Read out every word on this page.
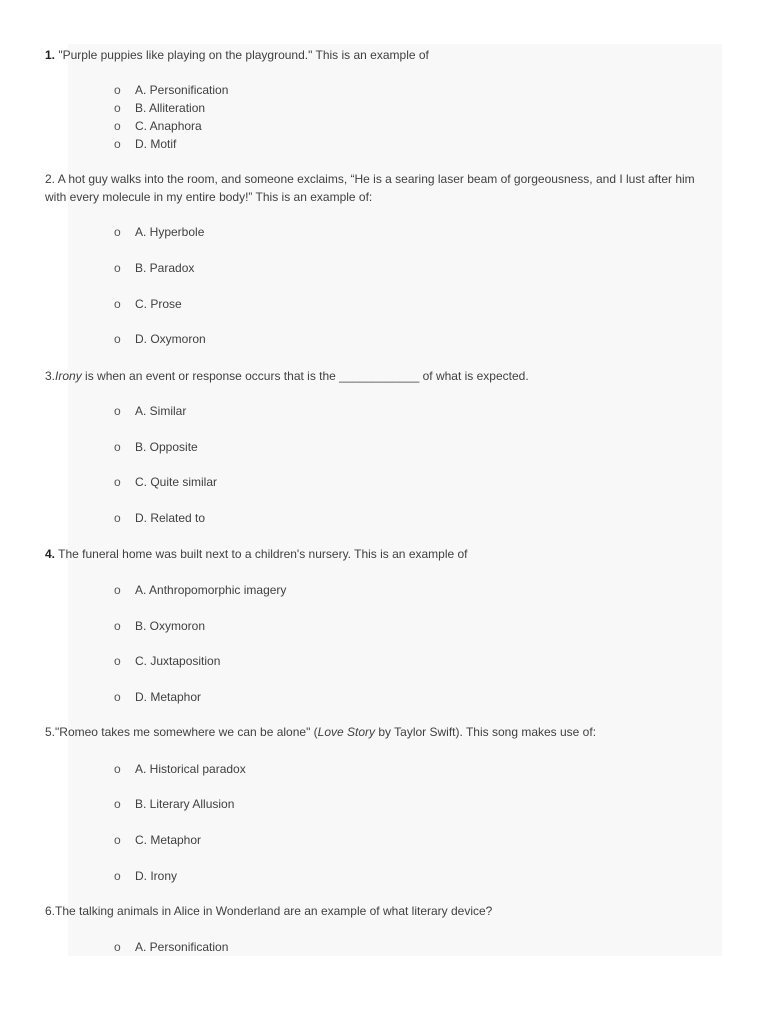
1. "Purple puppies like playing on the playground." This is an example of
o A. Personification
o B. Alliteration
o C. Anaphora
o D. Motif
2. A hot guy walks into the room, and someone exclaims, “He is a searing laser beam of gorgeousness, and I lust after him with every molecule in my entire body!” This is an example of:
o A. Hyperbole
o B. Paradox
o C. Prose
o D. Oxymoron
3.Irony is when an event or response occurs that is the ____________ of what is expected.
o A. Similar
o B. Opposite
o C. Quite similar
o D. Related to
4. The funeral home was built next to a children's nursery. This is an example of
o A. Anthropomorphic imagery
o B. Oxymoron
o C. Juxtaposition
o D. Metaphor
5."Romeo takes me somewhere we can be alone" (Love Story by Taylor Swift). This song makes use of:
o A. Historical paradox
o B. Literary Allusion
o C. Metaphor
o D. Irony
6.The talking animals in Alice in Wonderland are an example of what literary device?
o A. Personification
